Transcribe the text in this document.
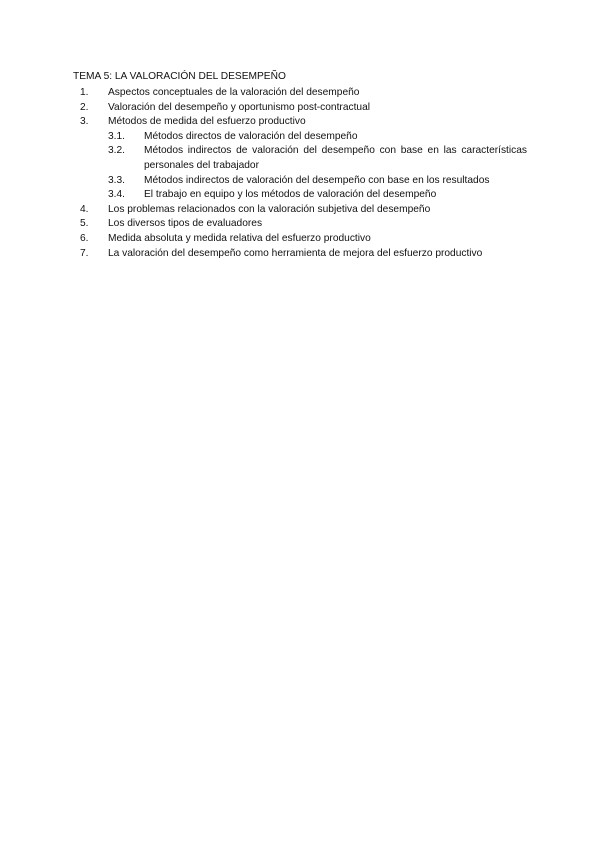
TEMA 5: LA VALORACIÓN DEL DESEMPEÑO
1.	Aspectos conceptuales de la valoración del desempeño
2.	Valoración del desempeño y oportunismo post-contractual
3.	Métodos de medida del esfuerzo productivo
3.1.	Métodos directos de valoración del desempeño
3.2.	Métodos indirectos de valoración del desempeño con base en las características personales del trabajador
3.3.	Métodos indirectos de valoración del desempeño con base en los resultados
3.4.	El trabajo en equipo y los métodos de valoración del desempeño
4.	Los problemas relacionados con la valoración subjetiva del desempeño
5.	Los diversos tipos de evaluadores
6.	Medida absoluta y medida relativa del esfuerzo productivo
7.	La valoración del desempeño como herramienta de mejora del esfuerzo productivo
